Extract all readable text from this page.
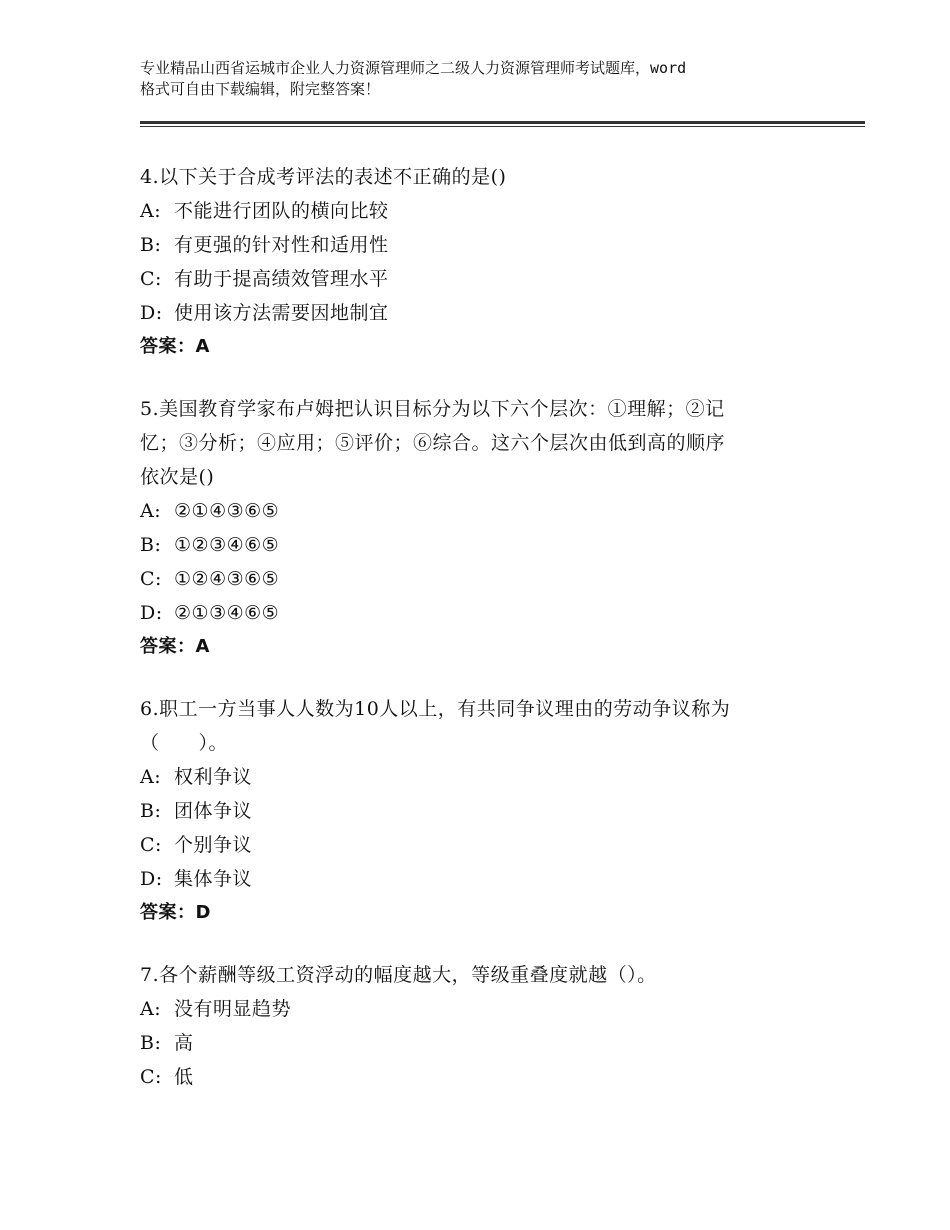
专业精品山西省运城市企业人力资源管理师之二级人力资源管理师考试题库，word
格式可自由下载编辑，附完整答案！
4.以下关于合成考评法的表述不正确的是()
A: 不能进行团队的横向比较
B: 有更强的针对性和适用性
C: 有助于提高绩效管理水平
D: 使用该方法需要因地制宜
答案：A
5.美国教育学家布卢姆把认识目标分为以下六个层次：①理解；②记
忆；③分析；④应用；⑤评价；⑥综合。这六个层次由低到高的顺序
依次是()
A: ②①④③⑥⑤
B: ①②③④⑥⑤
C: ①②④③⑥⑤
D: ②①③④⑥⑤
答案：A
6.职工一方当事人人数为10人以上，有共同争议理由的劳动争议称为
（　　）。
A: 权利争议
B: 团体争议
C: 个别争议
D: 集体争议
答案：D
7.各个薪酬等级工资浮动的幅度越大，等级重叠度就越（）。
A: 没有明显趋势
B: 高
C: 低
